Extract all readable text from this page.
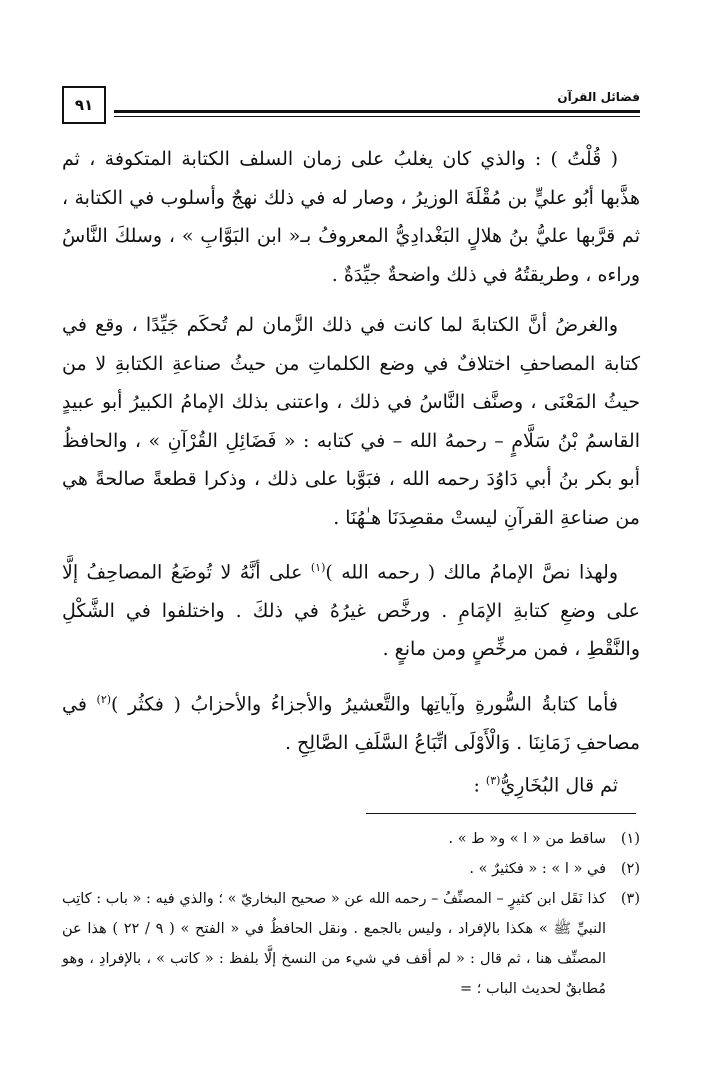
٩١	فضائل القرآن

( قُلْتُ ) : والذي كان يغلبُ على زمان السلف الكتابة المتكوفة ، ثم هذَّبها أبُو عليٍّ بن مُقْلَةَ الوزيرُ ، وصار له في ذلك نهجٌ وأسلوب في الكتابة ، ثم قرَّبها عليُّ بنُ هلالٍ البَغْدادِيُّ المعروفُ بـ« ابن البَوَّابِ » ، وسلكَ النَّاسُ وراءه ، وطريقتُهُ في ذلك واضحةٌ جيِّدَةٌ .

والغرضُ أنَّ الكتابةَ لما كانت في ذلك الزَّمان لم تُحكَم جَيِّدًا ، وقع في كتابة المصاحفِ اختلافٌ في وضع الكلماتِ من حيثُ صناعةِ الكتابةِ لا من حيثُ المَعْنَى ، وصنَّف النَّاسُ في ذلك ، واعتنى بذلك الإمامُ الكبيرُ أبو عبيدٍ القاسمُ بْنُ سَلَّامٍ – رحمهُ الله – في كتابه : « فَضَائِلِ القُرْآنِ » ، والحافظُ أبو بكر بنُ أبي دَاوُدَ رحمه الله ، فبَوَّبا على ذلك ، وذكرا قطعةً صالحةً هي من صناعةِ القرآنِ ليستْ مقصِدَنَا هـٰهُنَا .

ولهذا نصَّ الإمامُ مالك ( رحمه الله )$^{(١)}$ على أنَّهُ لا تُوضَعُ المصاحِفُ إلَّا على وضعِ كتابةِ الإمَامِ . ورخَّص غيرُهُ في ذلكَ . واختلفوا في الشَّكْلِ والنَّقْطِ ، فمن مرخِّصٍ ومن مانعٍ .

فأما كتابةُ السُّورةِ وآياتِها والتَّعشيرُ والأجزاءُ والأحزابُ ( فكثُر )$^{(٢)}$ في مصاحفِ زَمَانِنَا . وَالْأَوْلَى اتِّبَاعُ السَّلَفِ الصَّالِحِ .

ثم قال البُخَارِيُّ$^{(٣)}$ :

(١)
ساقط من « ا » و« ط » .
(٢)
في « ا » : « فكثيرٌ » .
(٣)
كذا نَقَل ابن كثيرٍ – المصنِّفُ – رحمه الله عن « صحيح البخاريّ » ؛ والذي فيه : « باب : كاتِب النبيِّ ﷺ » هكذا بالإفراد ، وليس بالجمع . ونقل الحافظُ في « الفتح » ( ٩ / ٢٢ ) هذا عن المصنِّف هنا ، ثم قال : « لم أقف في شيء من النسخ إلَّا بلفظ : « كاتب » ، بالإفرادِ ، وهو مُطابقٌ لحديث الباب ؛ =
